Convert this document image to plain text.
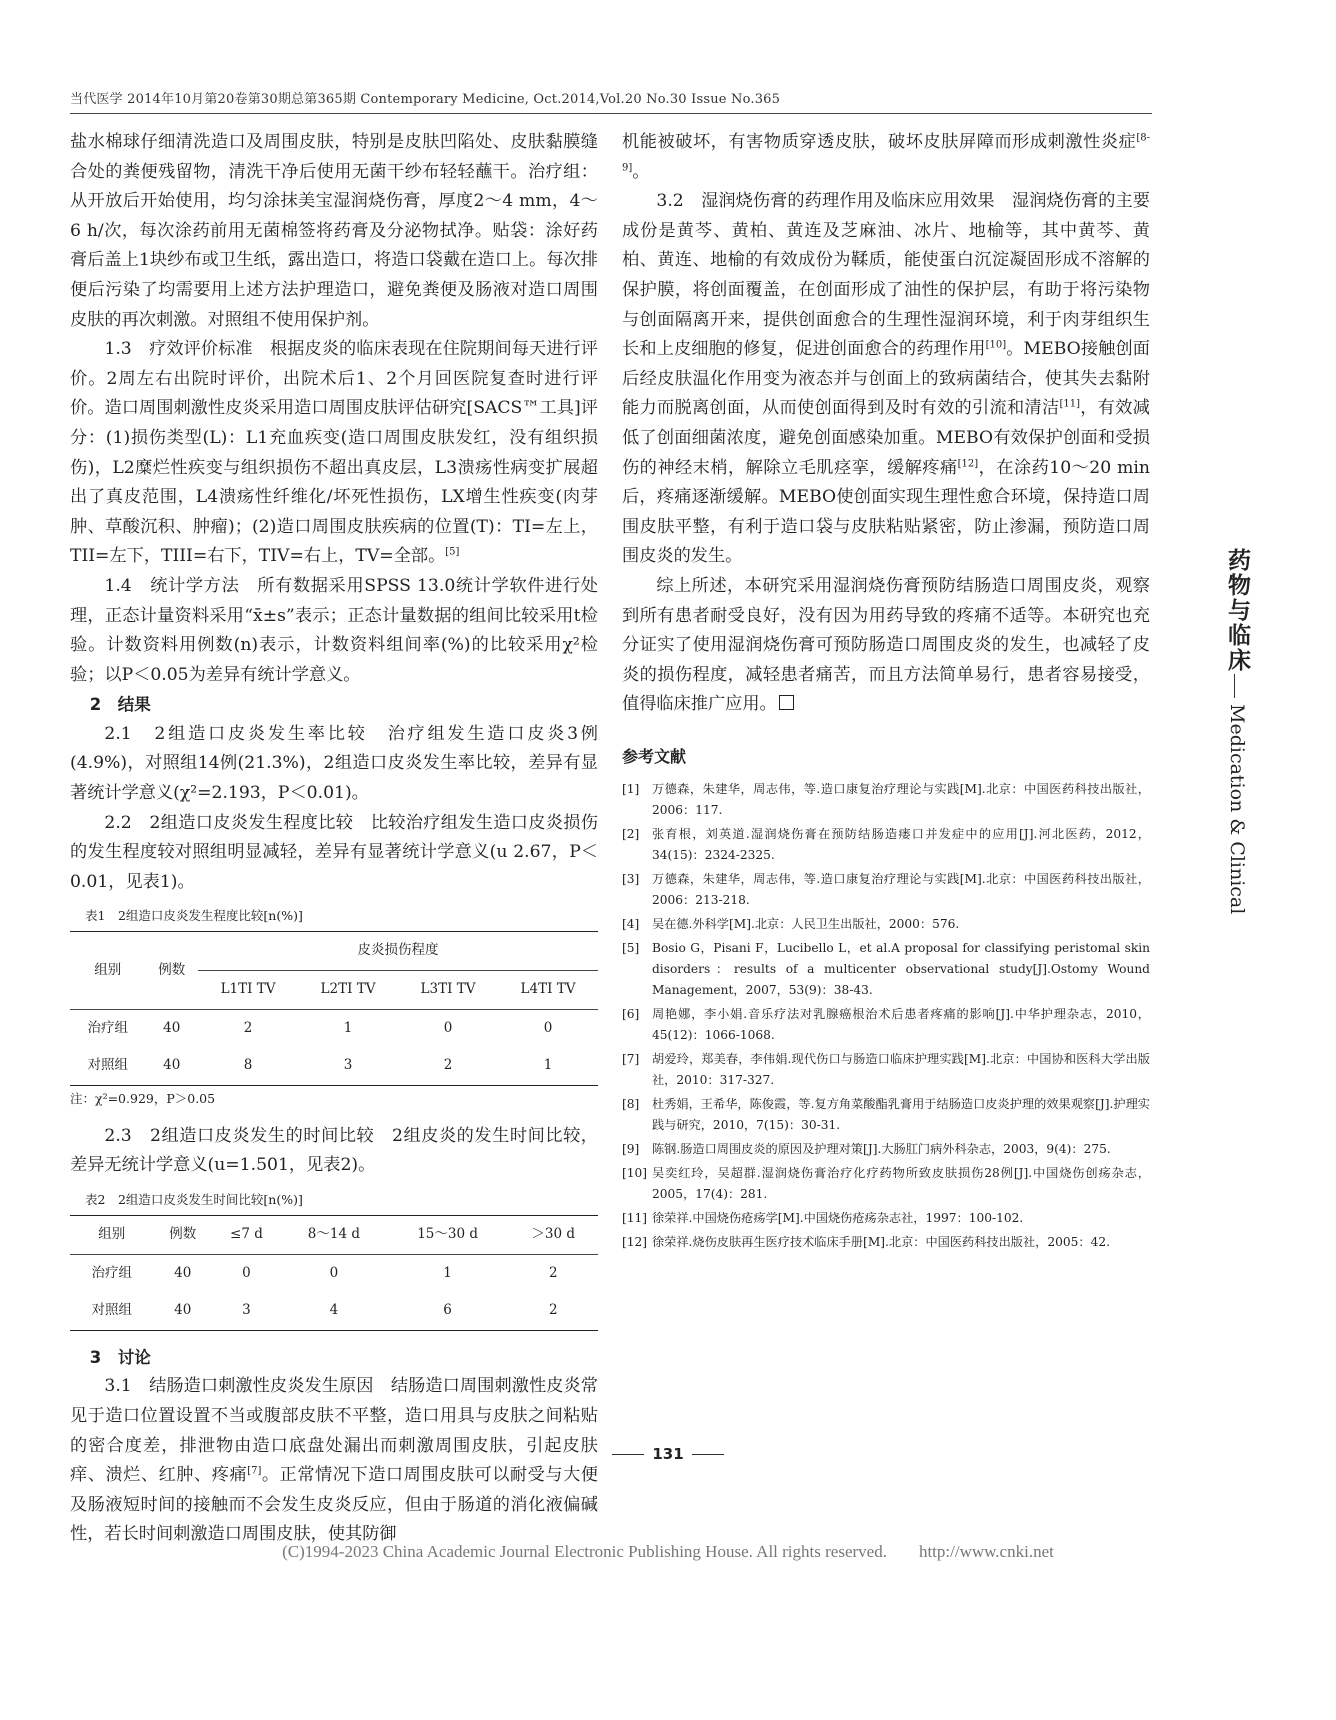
当代医学 2014年10月第20卷第30期总第365期 Contemporary Medicine, Oct.2014,Vol.20 No.30 Issue No.365

盐水棉球仔细清洗造口及周围皮肤，特别是皮肤凹陷处、皮肤黏膜缝合处的粪便残留物，清洗干净后使用无菌干纱布轻轻蘸干。治疗组：从开放后开始使用，均匀涂抹美宝湿润烧伤膏，厚度2～4 mm，4～6 h/次，每次涂药前用无菌棉签将药膏及分泌物拭净。贴袋：涂好药膏后盖上1块纱布或卫生纸，露出造口，将造口袋戴在造口上。每次排便后污染了均需要用上述方法护理造口，避免粪便及肠液对造口周围皮肤的再次刺激。对照组不使用保护剂。

1.3　疗效评价标准　 根据皮炎的临床表现在住院期间每天进行评价。2周左右出院时评价，出院术后1、2个月回医院复查时进行评价。造口周围刺激性皮炎采用造口周围皮肤评估研究[SACS™工具]评分：(1)损伤类型(L)：L1充血疾变(造口周围皮肤发红，没有组织损伤)，L2糜烂性疾变与组织损伤不超出真皮层，L3溃疡性病变扩展超出了真皮范围，L4溃疡性纤维化/坏死性损伤，LX增生性疾变(肉芽肿、草酸沉积、肿瘤)；(2)造口周围皮肤疾病的位置(T)：TI=左上，TII=左下，TIII=右下，TIV=右上，TV=全部。[5]

1.4　统计学方法　 所有数据采用SPSS 13.0统计学软件进行处理，正态计量资料采用“x̄±s”表示；正态计量数据的组间比较采用t检验。计数资料用例数(n)表示，计数资料组间率(%)的比较采用χ²检验；以P＜0.05为差异有统计学意义。

2　结果

2.1　2组造口皮炎发生率比较　 治疗组发生造口皮炎3例(4.9%)，对照组14例(21.3%)，2组造口皮炎发生率比较，差异有显著统计学意义(χ²=2.193，P＜0.01)。

2.2　2组造口皮炎发生程度比较　 比较治疗组发生造口皮炎损伤的发生程度较对照组明显减轻，差异有显著统计学意义(u 2.67，P＜0.01，见表1)。

表1　2组造口皮炎发生程度比较[n(%)]
组别	例数	皮炎损伤程度			
		L1TI TV	L2TI TV	L3TI TV	L4TI TV
治疗组	40	2	1	0	0
对照组	40	8	3	2	1
注：χ²=0.929，P＞0.05

2.3　2组造口皮炎发生的时间比较　 2组皮炎的发生时间比较，差异无统计学意义(u=1.501，见表2)。

表2　2组造口皮炎发生时间比较[n(%)]
组别	例数	≤7 d	8～14 d	15～30 d	＞30 d
治疗组	40	0	0	1	2
对照组	40	3	4	6	2
3　讨论

3.1　结肠造口刺激性皮炎发生原因　 结肠造口周围刺激性皮炎常见于造口位置设置不当或腹部皮肤不平整，造口用具与皮肤之间粘贴的密合度差，排泄物由造口底盘处漏出而刺激周围皮肤，引起皮肤痒、溃烂、红肿、疼痛[7]。正常情况下造口周围皮肤可以耐受与大便及肠液短时间的接触而不会发生皮炎反应，但由于肠道的消化液偏碱性，若长时间刺激造口周围皮肤，使其防御

机能被破坏，有害物质穿透皮肤，破坏皮肤屏障而形成刺激性炎症[8-9]。

3.2　湿润烧伤膏的药理作用及临床应用效果　 湿润烧伤膏的主要成份是黄芩、黄柏、黄连及芝麻油、冰片、地榆等，其中黄芩、黄柏、黄连、地榆的有效成份为鞣质，能使蛋白沉淀凝固形成不溶解的保护膜，将创面覆盖，在创面形成了油性的保护层，有助于将污染物与创面隔离开来，提供创面愈合的生理性湿润环境，利于肉芽组织生长和上皮细胞的修复，促进创面愈合的药理作用[10]。MEBO接触创面后经皮肤温化作用变为液态并与创面上的致病菌结合，使其失去黏附能力而脱离创面，从而使创面得到及时有效的引流和清洁[11]，有效减低了创面细菌浓度，避免创面感染加重。MEBO有效保护创面和受损伤的神经末梢，解除立毛肌痉挛，缓解疼痛[12]，在涂药10～20 min后，疼痛逐渐缓解。MEBO使创面实现生理性愈合环境，保持造口周围皮肤平整，有利于造口袋与皮肤粘贴紧密，防止渗漏，预防造口周围皮炎的发生。

综上所述，本研究采用湿润烧伤膏预防结肠造口周围皮炎，观察到所有患者耐受良好，没有因为用药导致的疼痛不适等。本研究也充分证实了使用湿润烧伤膏可预防肠造口周围皮炎的发生，也减轻了皮炎的损伤程度，减轻患者痛苦，而且方法简单易行，患者容易接受，值得临床推广应用。

参考文献
[1]	万德森，朱建华，周志伟，等.造口康复治疗理论与实践[M].北京：中国医药科技出版社，2006：117.
[2]	张育根，刘英道.湿润烧伤膏在预防结肠造瘘口并发症中的应用[J].河北医药，2012，34(15)：2324-2325.
[3]	万德森，朱建华，周志伟，等.造口康复治疗理论与实践[M].北京：中国医药科技出版社，2006：213-218.
[4]	吴在德.外科学[M].北京：人民卫生出版社，2000：576.
[5]	Bosio G，Pisani F，Lucibello L，et al.A proposal for classifying peristomal skin disorders：results of a multicenter observational study[J].Ostomy Wound Management，2007，53(9)：38-43.
[6]	周艳娜，李小娟.音乐疗法对乳腺癌根治术后患者疼痛的影响[J].中华护理杂志，2010，45(12)：1066-1068.
[7]	胡爱玲，郑美春，李伟娟.现代伤口与肠造口临床护理实践[M].北京：中国协和医科大学出版社，2010：317-327.
[8]	杜秀娟，王希华，陈俊霞，等.复方角菜酸酯乳膏用于结肠造口皮炎护理的效果观察[J].护理实践与研究，2010，7(15)：30-31.
[9]	陈钢.肠造口周围皮炎的原因及护理对策[J].大肠肛门病外科杂志，2003，9(4)：275.
[10] 吴奕红玲，吴超群.湿润烧伤膏治疗化疗药物所致皮肤损伤28例[J].中国烧伤创疡杂志，2005，17(4)：281.
[11] 徐荣祥.中国烧伤疮疡学[M].中国烧伤疮疡杂志社，1997：100-102.
[12] 徐荣祥.烧伤皮肤再生医疗技术临床手册[M].北京：中国医药科技出版社，2005：42.
药物与临床
Medication & Clinical
131
(C)1994-2023 China Academic Journal Electronic Publishing House. All rights reserved. http://www.cnki.net
